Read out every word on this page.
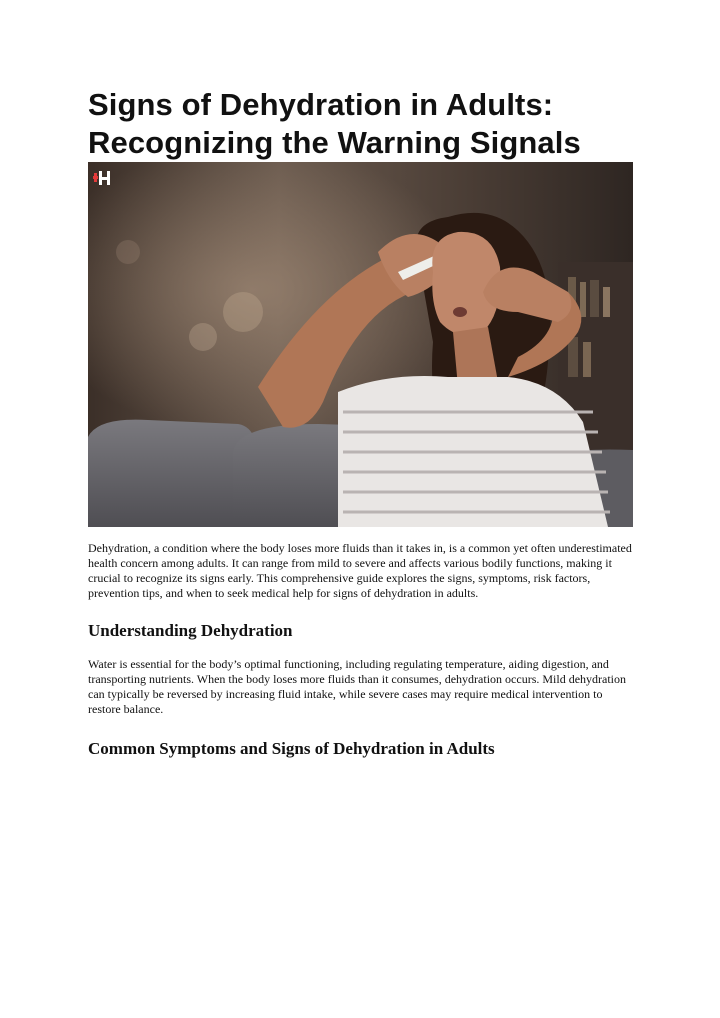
Signs of Dehydration in Adults:
Recognizing the Warning Signals

Dehydration, a condition where the body loses more fluids than it takes in, is a common yet often underestimated health concern among adults. It can range from mild to severe and affects various bodily functions, making it crucial to recognize its signs early. This comprehensive guide explores the signs, symptoms, risk factors, prevention tips, and when to seek medical help for signs of dehydration in adults.

Understanding Dehydration

Water is essential for the body’s optimal functioning, including regulating temperature, aiding digestion, and transporting nutrients. When the body loses more fluids than it consumes, dehydration occurs. Mild dehydration can typically be reversed by increasing fluid intake, while severe cases may require medical intervention to restore balance.

Common Symptoms and Signs of Dehydration in Adults
